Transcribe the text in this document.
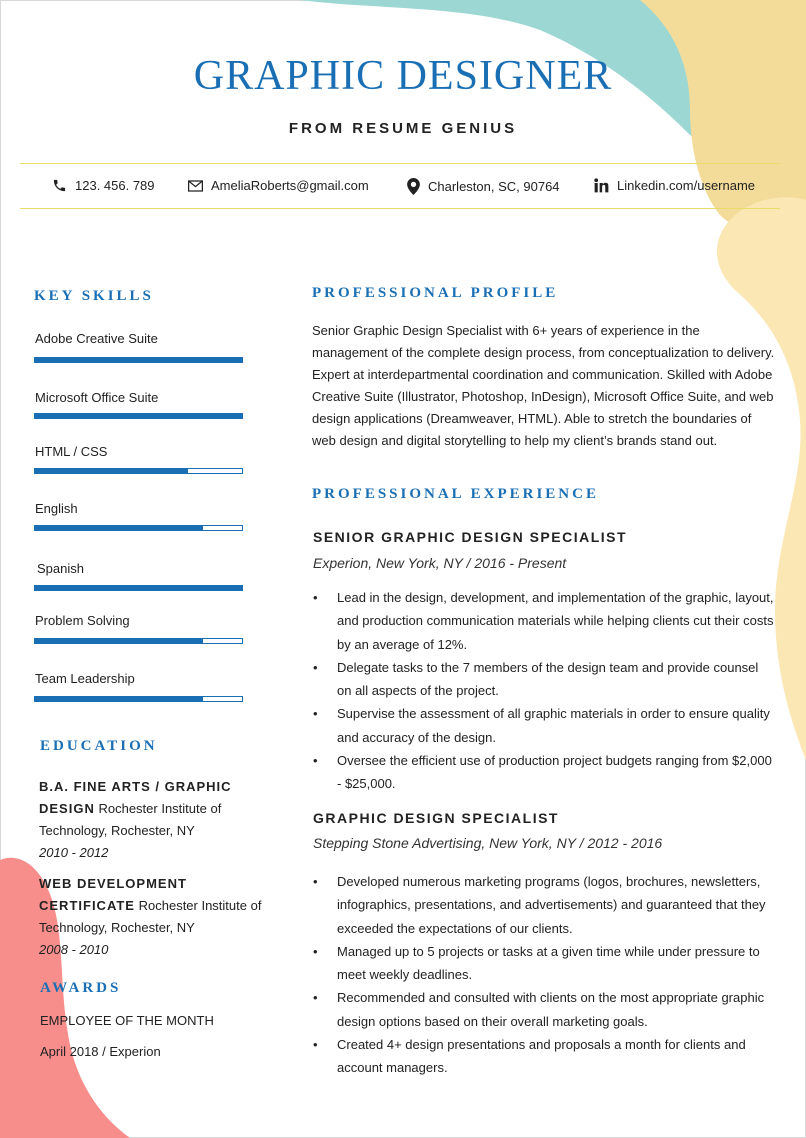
GRAPHIC DESIGNER
FROM RESUME GENIUS
123. 456. 789	AmeliaRoberts@gmail.com	Charleston, SC, 90764	Linkedin.com/username
KEY SKILLS
Adobe Creative Suite
Microsoft Office Suite
HTML / CSS
English
Spanish
Problem Solving
Team Leadership
EDUCATION
B.A. FINE ARTS / GRAPHIC DESIGN Rochester Institute of Technology, Rochester, NY
2010 - 2012
WEB DEVELOPMENT CERTIFICATE Rochester Institute of Technology, Rochester, NY
2008 - 2010
AWARDS
EMPLOYEE OF THE MONTH
April 2018 / Experion
PROFESSIONAL PROFILE
Senior Graphic Design Specialist with 6+ years of experience in the management of the complete design process, from conceptualization to delivery. Expert at interdepartmental coordination and communication. Skilled with Adobe Creative Suite (Illustrator, Photoshop, InDesign), Microsoft Office Suite, and web design applications (Dreamweaver, HTML). Able to stretch the boundaries of web design and digital storytelling to help my client’s brands stand out.
PROFESSIONAL EXPERIENCE
SENIOR GRAPHIC DESIGN SPECIALIST
Experion, New York, NY / 2016 - Present
• Lead in the design, development, and implementation of the graphic, layout, and production communication materials while helping clients cut their costs by an average of 12%.
• Delegate tasks to the 7 members of the design team and provide counsel on all aspects of the project.
• Supervise the assessment of all graphic materials in order to ensure quality and accuracy of the design.
• Oversee the efficient use of production project budgets ranging from $2,000 - $25,000.
GRAPHIC DESIGN SPECIALIST
Stepping Stone Advertising, New York, NY / 2012 - 2016
• Developed numerous marketing programs (logos, brochures, newsletters, infographics, presentations, and advertisements) and guaranteed that they exceeded the expectations of our clients.
• Managed up to 5 projects or tasks at a given time while under pressure to meet weekly deadlines.
• Recommended and consulted with clients on the most appropriate graphic design options based on their overall marketing goals.
• Created 4+ design presentations and proposals a month for clients and account managers.
